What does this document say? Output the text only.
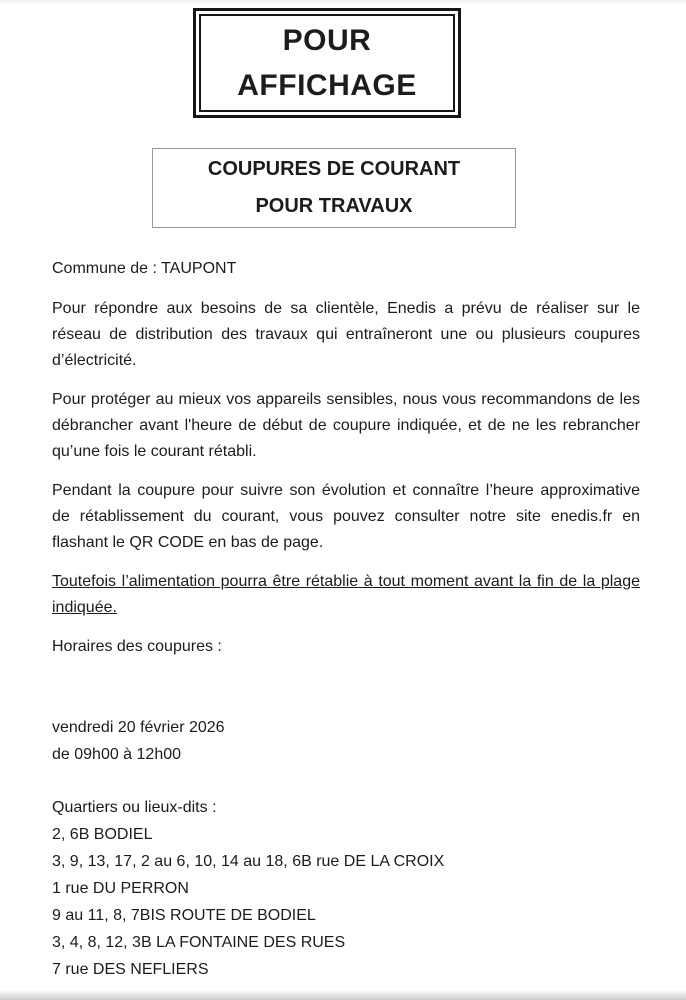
POUR
AFFICHAGE
COUPURES DE COURANT
POUR TRAVAUX
Commune de : TAUPONT

Pour répondre aux besoins de sa clientèle, Enedis a prévu de réaliser sur le réseau de distribution des travaux qui entraîneront une ou plusieurs coupures d’électricité.

Pour protéger au mieux vos appareils sensibles, nous vous recommandons de les débrancher avant l'heure de début de coupure indiquée, et de ne les rebrancher qu’une fois le courant rétabli.

Pendant la coupure pour suivre son évolution et connaître l’heure approximative de rétablissement du courant, vous pouvez consulter notre site enedis.fr en flashant le QR CODE en bas de page.

Toutefois l’alimentation pourra être rétablie à tout moment avant la fin de la plage indiquée.

Horaires des coupures :

vendredi 20 février 2026
de 09h00 à 12h00
Quartiers ou lieux-dits :
2, 6B BODIEL
3, 9, 13, 17, 2 au 6, 10, 14 au 18, 6B rue DE LA CROIX
1 rue DU PERRON
9 au 11, 8, 7BIS ROUTE DE BODIEL
3, 4, 8, 12, 3B LA FONTAINE DES RUES
7 rue DES NEFLIERS
